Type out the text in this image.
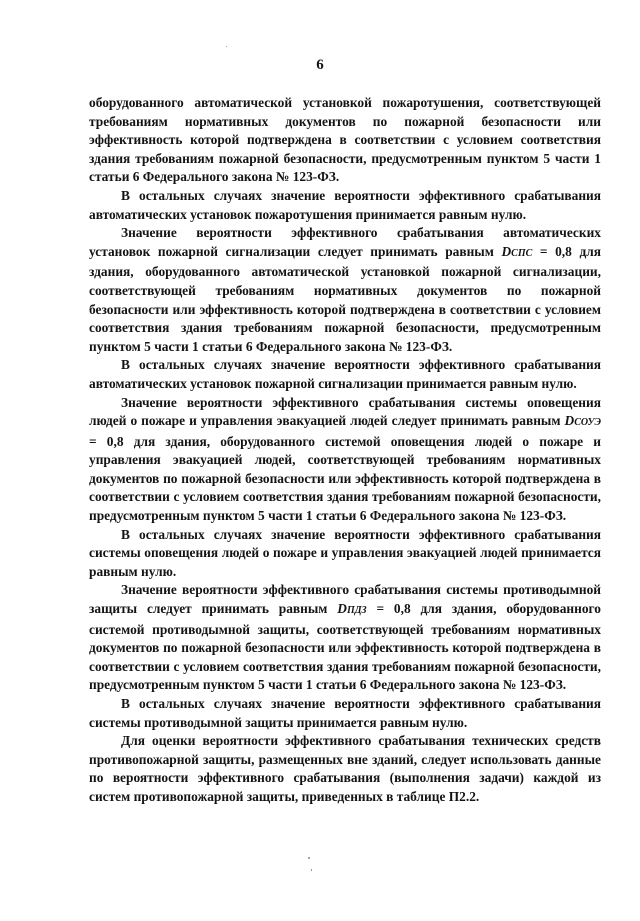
6

оборудованного автоматической установкой пожаротушения, соответствующей требованиям нормативных документов по пожарной безопасности или эффективность которой подтверждена в соответствии с условием соответствия здания требованиям пожарной безопасности, предусмотренным пунктом 5 части 1 статьи 6 Федерального закона № 123-ФЗ.

В остальных случаях значение вероятности эффективного срабатывания автоматических установок пожаротушения принимается равным нулю.

Значение вероятности эффективного срабатывания автоматических установок пожарной сигнализации следует принимать равным DСПС = 0,8 для здания, оборудованного автоматической установкой пожарной сигнализации, соответствующей требованиям нормативных документов по пожарной безопасности или эффективность которой подтверждена в соответствии с условием соответствия здания требованиям пожарной безопасности, предусмотренным пунктом 5 части 1 статьи 6 Федерального закона № 123-ФЗ.

В остальных случаях значение вероятности эффективного срабатывания автоматических установок пожарной сигнализации принимается равным нулю.

Значение вероятности эффективного срабатывания системы оповещения людей о пожаре и управления эвакуацией людей следует принимать равным DСОУЭ = 0,8 для здания, оборудованного системой оповещения людей о пожаре и управления эвакуацией людей, соответствующей требованиям нормативных документов по пожарной безопасности или эффективность которой подтверждена в соответствии с условием соответствия здания требованиям пожарной безопасности, предусмотренным пунктом 5 части 1 статьи 6 Федерального закона № 123-ФЗ.

В остальных случаях значение вероятности эффективного срабатывания системы оповещения людей о пожаре и управления эвакуацией людей принимается равным нулю.

Значение вероятности эффективного срабатывания системы противодымной защиты следует принимать равным DПДЗ = 0,8 для здания, оборудованного системой противодымной защиты, соответствующей требованиям нормативных документов по пожарной безопасности или эффективность которой подтверждена в соответствии с условием соответствия здания требованиям пожарной безопасности, предусмотренным пунктом 5 части 1 статьи 6 Федерального закона № 123-ФЗ.

В остальных случаях значение вероятности эффективного срабатывания системы противодымной защиты принимается равным нулю.

Для оценки вероятности эффективного срабатывания технических средств противопожарной защиты, размещенных вне зданий, следует использовать данные по вероятности эффективного срабатывания (выполнения задачи) каждой из систем противопожарной защиты, приведенных в таблице П2.2.
